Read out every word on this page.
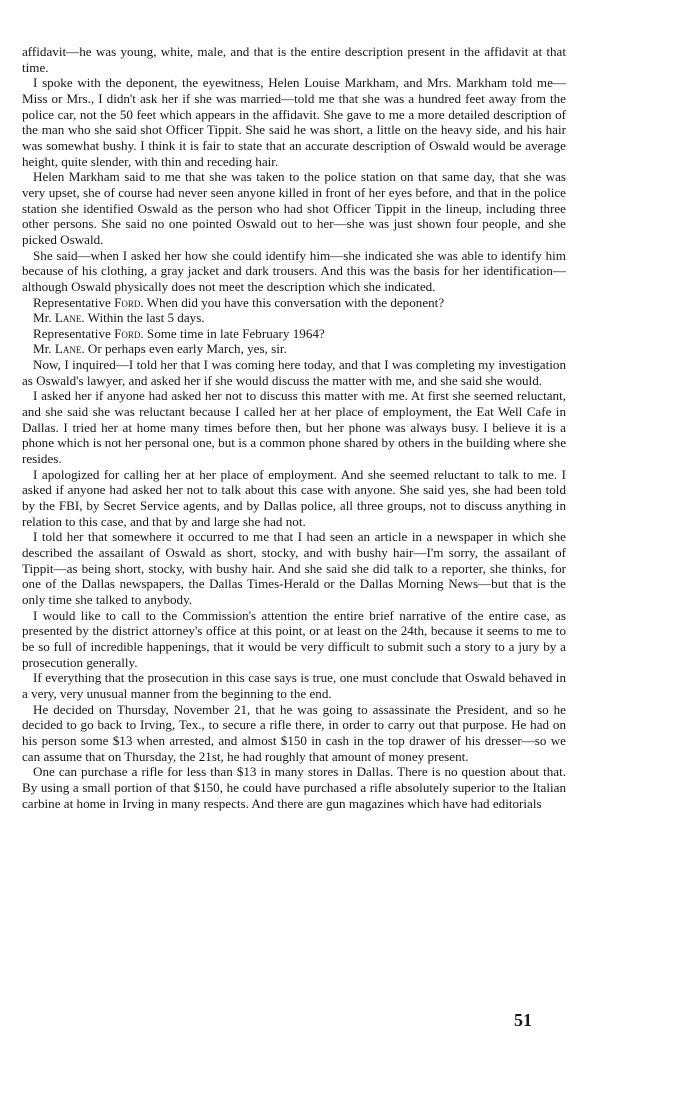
affidavit—he was young, white, male, and that is the entire description present in the affidavit at that time.

I spoke with the deponent, the eyewitness, Helen Louise Markham, and Mrs. Markham told me—Miss or Mrs., I didn't ask her if she was married—told me that she was a hundred feet away from the police car, not the 50 feet which appears in the affidavit. She gave to me a more detailed description of the man who she said shot Officer Tippit. She said he was short, a little on the heavy side, and his hair was somewhat bushy. I think it is fair to state that an accurate description of Oswald would be average height, quite slender, with thin and receding hair.

Helen Markham said to me that she was taken to the police station on that same day, that she was very upset, she of course had never seen anyone killed in front of her eyes before, and that in the police station she identified Oswald as the person who had shot Officer Tippit in the lineup, including three other persons. She said no one pointed Oswald out to her—she was just shown four people, and she picked Oswald.

She said—when I asked her how she could identify him—she indicated she was able to identify him because of his clothing, a gray jacket and dark trousers. And this was the basis for her identification—although Oswald physically does not meet the description which she indicated.

Representative Ford. When did you have this conversation with the deponent?

Mr. Lane. Within the last 5 days.

Representative Ford. Some time in late February 1964?

Mr. Lane. Or perhaps even early March, yes, sir.

Now, I inquired—I told her that I was coming here today, and that I was completing my investigation as Oswald's lawyer, and asked her if she would discuss the matter with me, and she said she would.

I asked her if anyone had asked her not to discuss this matter with me. At first she seemed reluctant, and she said she was reluctant because I called her at her place of employment, the Eat Well Cafe in Dallas. I tried her at home many times before then, but her phone was always busy. I believe it is a phone which is not her personal one, but is a common phone shared by others in the building where she resides.

I apologized for calling her at her place of employment. And she seemed reluctant to talk to me. I asked if anyone had asked her not to talk about this case with anyone. She said yes, she had been told by the FBI, by Secret Service agents, and by Dallas police, all three groups, not to discuss anything in relation to this case, and that by and large she had not.

I told her that somewhere it occurred to me that I had seen an article in a newspaper in which she described the assailant of Oswald as short, stocky, and with bushy hair—I'm sorry, the assailant of Tippit—as being short, stocky, with bushy hair. And she said she did talk to a reporter, she thinks, for one of the Dallas newspapers, the Dallas Times-Herald or the Dallas Morning News—but that is the only time she talked to anybody.

I would like to call to the Commission's attention the entire brief narrative of the entire case, as presented by the district attorney's office at this point, or at least on the 24th, because it seems to me to be so full of incredible happenings, that it would be very difficult to submit such a story to a jury by a prosecution generally.

If everything that the prosecution in this case says is true, one must conclude that Oswald behaved in a very, very unusual manner from the beginning to the end.

He decided on Thursday, November 21, that he was going to assassinate the President, and so he decided to go back to Irving, Tex., to secure a rifle there, in order to carry out that purpose. He had on his person some $13 when arrested, and almost $150 in cash in the top drawer of his dresser—so we can assume that on Thursday, the 21st, he had roughly that amount of money present.

One can purchase a rifle for less than $13 in many stores in Dallas. There is no question about that. By using a small portion of that $150, he could have purchased a rifle absolutely superior to the Italian carbine at home in Irving in many respects. And there are gun magazines which have had editorials

51
